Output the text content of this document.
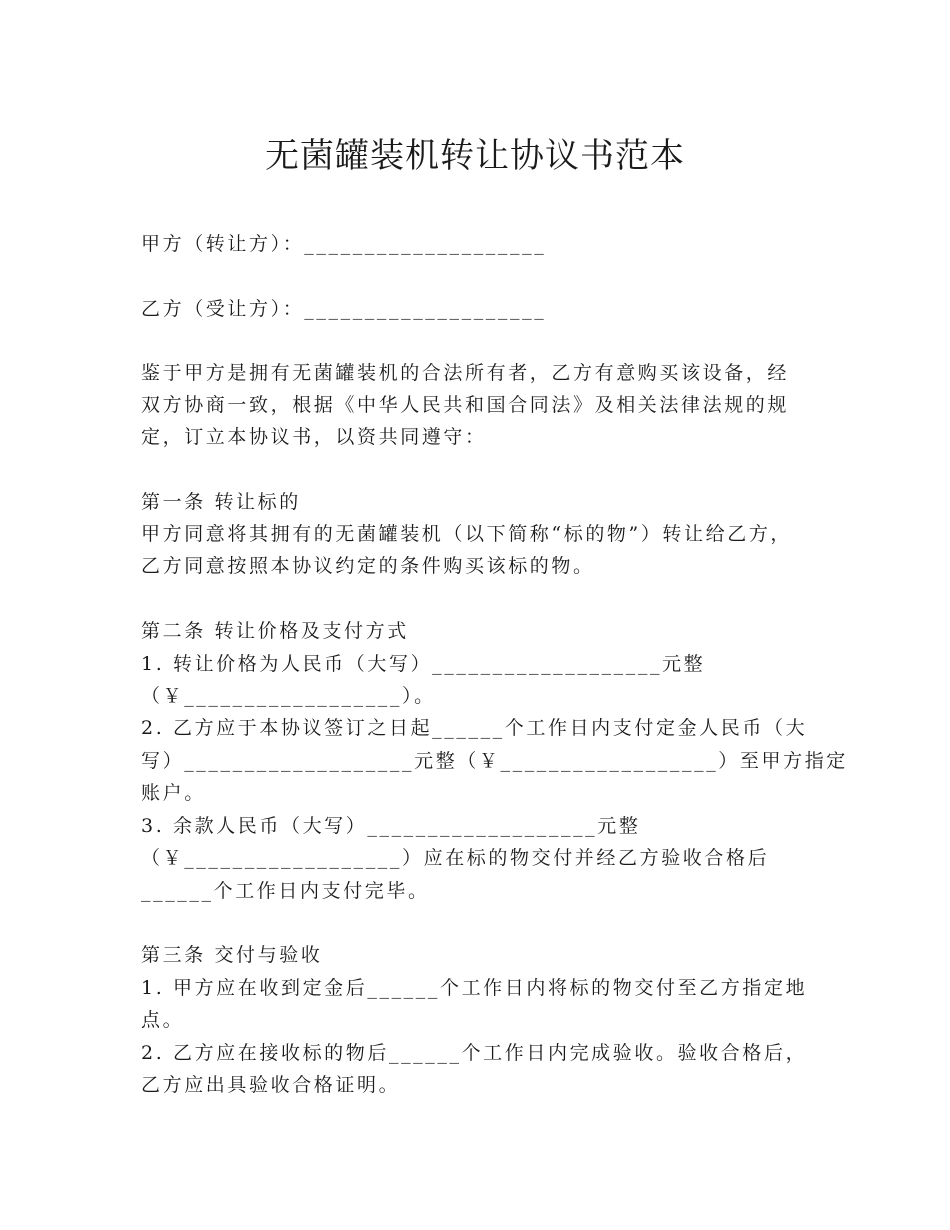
无菌罐装机转让协议书范本
甲方（转让方）：____________________
乙方（受让方）：____________________
鉴于甲方是拥有无菌罐装机的合法所有者，乙方有意购买该设备，经
双方协商一致，根据《中华人民共和国合同法》及相关法律法规的规
定，订立本协议书，以资共同遵守：
第一条 转让标的
甲方同意将其拥有的无菌罐装机（以下简称“标的物”）转让给乙方，
乙方同意按照本协议约定的条件购买该标的物。
第二条 转让价格及支付方式
1. 转让价格为人民币（大写）___________________元整
（￥__________________）。
2. 乙方应于本协议签订之日起______个工作日内支付定金人民币（大
写）___________________元整（￥__________________）至甲方指定
账户。
3. 余款人民币（大写）___________________元整
（￥__________________）应在标的物交付并经乙方验收合格后
______个工作日内支付完毕。
第三条 交付与验收
1. 甲方应在收到定金后______个工作日内将标的物交付至乙方指定地
点。
2. 乙方应在接收标的物后______个工作日内完成验收。验收合格后，
乙方应出具验收合格证明。
